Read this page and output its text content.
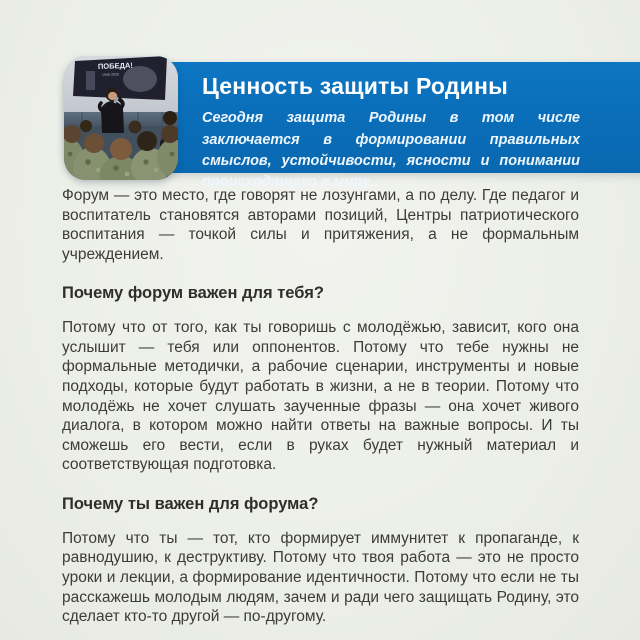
ПОБЕДА!
1945-2025	Ценность защиты Родины

Сегодня защита Родины в том числе заключается в формировании правильных смыслов, устойчивости, ясности и понимании происходящего в мире.

Форум — это место, где говорят не лозунгами, а по делу. Где педагог и воспитатель становятся авторами позиций, Центры патриотического воспитания — точкой силы и притяжения, а не формальным учреждением.

Почему форум важен для тебя?

Потому что от того, как ты говоришь с молодёжью, зависит, кого она услышит — тебя или оппонентов. Потому что тебе нужны не формальные методички, а рабочие сценарии, инструменты и новые подходы, которые будут работать в жизни, а не в теории. Потому что молодёжь не хочет слушать заученные фразы — она хочет живого диалога, в котором можно найти ответы на важные вопросы. И ты сможешь его вести, если в руках будет нужный материал и соответствующая подготовка.

Почему ты важен для форума?

Потому что ты — тот, кто формирует иммунитет к пропаганде, к равнодушию, к деструктиву. Потому что твоя работа — это не просто уроки и лекции, а формирование идентичности. Потому что если не ты расскажешь молодым людям, зачем и ради чего защищать Родину, это сделает кто-то другой — по-другому.
